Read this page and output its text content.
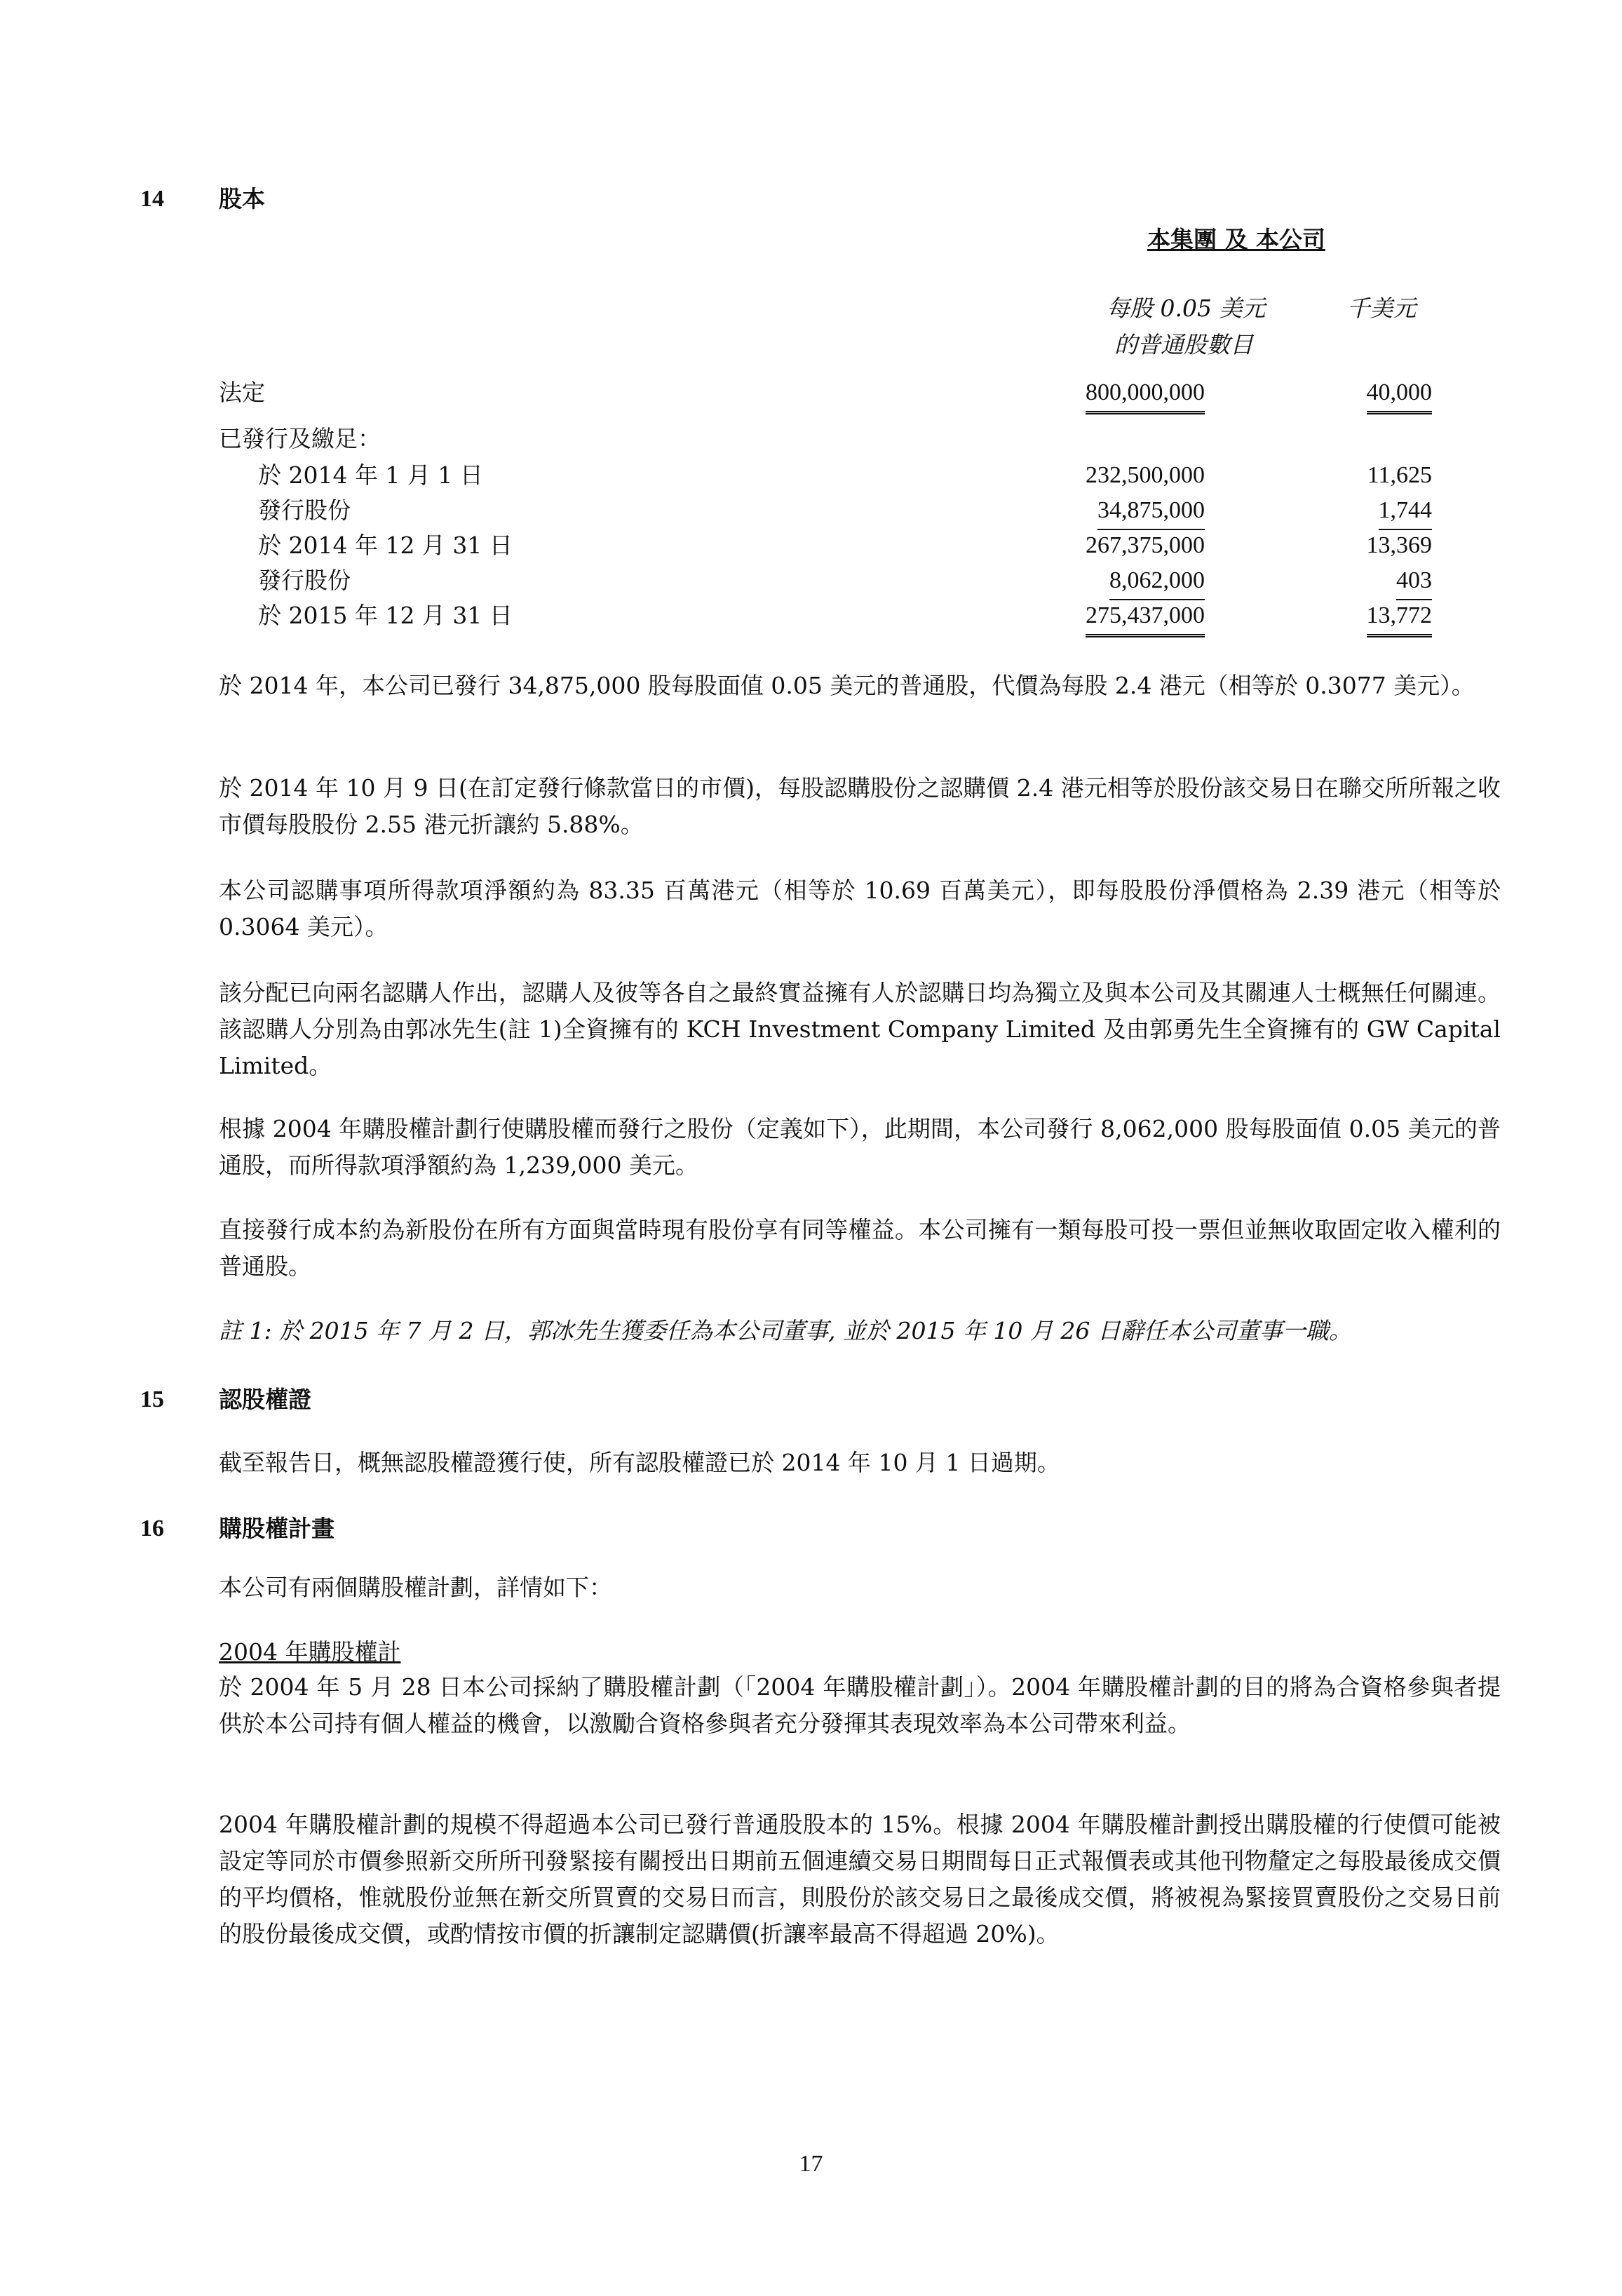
14 股本
本集團 及 本公司
每股 0.05 美元
的普通股數目
千美元
法定	800,000,000	40,000
已發行及繳足：
於 2014 年 1 月 1 日	232,500,000	11,625
發行股份	34,875,000	1,744
於 2014 年 12 月 31 日	267,375,000	13,369
發行股份	8,062,000	403
於 2015 年 12 月 31 日	275,437,000	13,772
於 2014 年，本公司已發行 34,875,000 股每股面值 0.05 美元的普通股，代價為每股 2.4 港元（相等於 0.3077 美元）。
於 2014 年 10 月 9 日(在訂定發行條款當日的市價)，每股認購股份之認購價 2.4 港元相等於股份該交易日在聯交所所報之收市價每股股份 2.55 港元折讓約 5.88%。
本公司認購事項所得款項淨額約為 83.35 百萬港元（相等於 10.69 百萬美元），即每股股份淨價格為 2.39 港元（相等於 0.3064 美元）。
該分配已向兩名認購人作出，認購人及彼等各自之最終實益擁有人於認購日均為獨立及與本公司及其關連人士概無任何關連。該認購人分別為由郭冰先生(註 1)全資擁有的 KCH Investment Company Limited 及由郭勇先生全資擁有的 GW Capital Limited。
根據 2004 年購股權計劃行使購股權而發行之股份（定義如下），此期間，本公司發行 8,062,000 股每股面值 0.05 美元的普通股，而所得款項淨額約為 1,239,000 美元。
直接發行成本約為新股份在所有方面與當時現有股份享有同等權益。本公司擁有一類每股可投一票但並無收取固定收入權利的普通股。
註 1: 於 2015 年 7 月 2 日，郭冰先生獲委任為本公司董事, 並於 2015 年 10 月 26 日辭任本公司董事一職。
15 認股權證
截至報告日，概無認股權證獲行使，所有認股權證已於 2014 年 10 月 1 日過期。
16 購股權計畫
本公司有兩個購股權計劃，詳情如下：
2004 年購股權計
於 2004 年 5 月 28 日本公司採納了購股權計劃（「2004 年購股權計劃」）。2004 年購股權計劃的目的將為合資格參與者提供於本公司持有個人權益的機會，以激勵合資格參與者充分發揮其表現效率為本公司帶來利益。
2004 年購股權計劃的規模不得超過本公司已發行普通股股本的 15%。根據 2004 年購股權計劃授出購股權的行使價可能被設定等同於市價參照新交所所刊發緊接有關授出日期前五個連續交易日期間每日正式報價表或其他刊物釐定之每股最後成交價的平均價格，惟就股份並無在新交所買賣的交易日而言，則股份於該交易日之最後成交價，將被視為緊接買賣股份之交易日前的股份最後成交價，或酌情按市價的折讓制定認購價(折讓率最高不得超過 20%)。
17
